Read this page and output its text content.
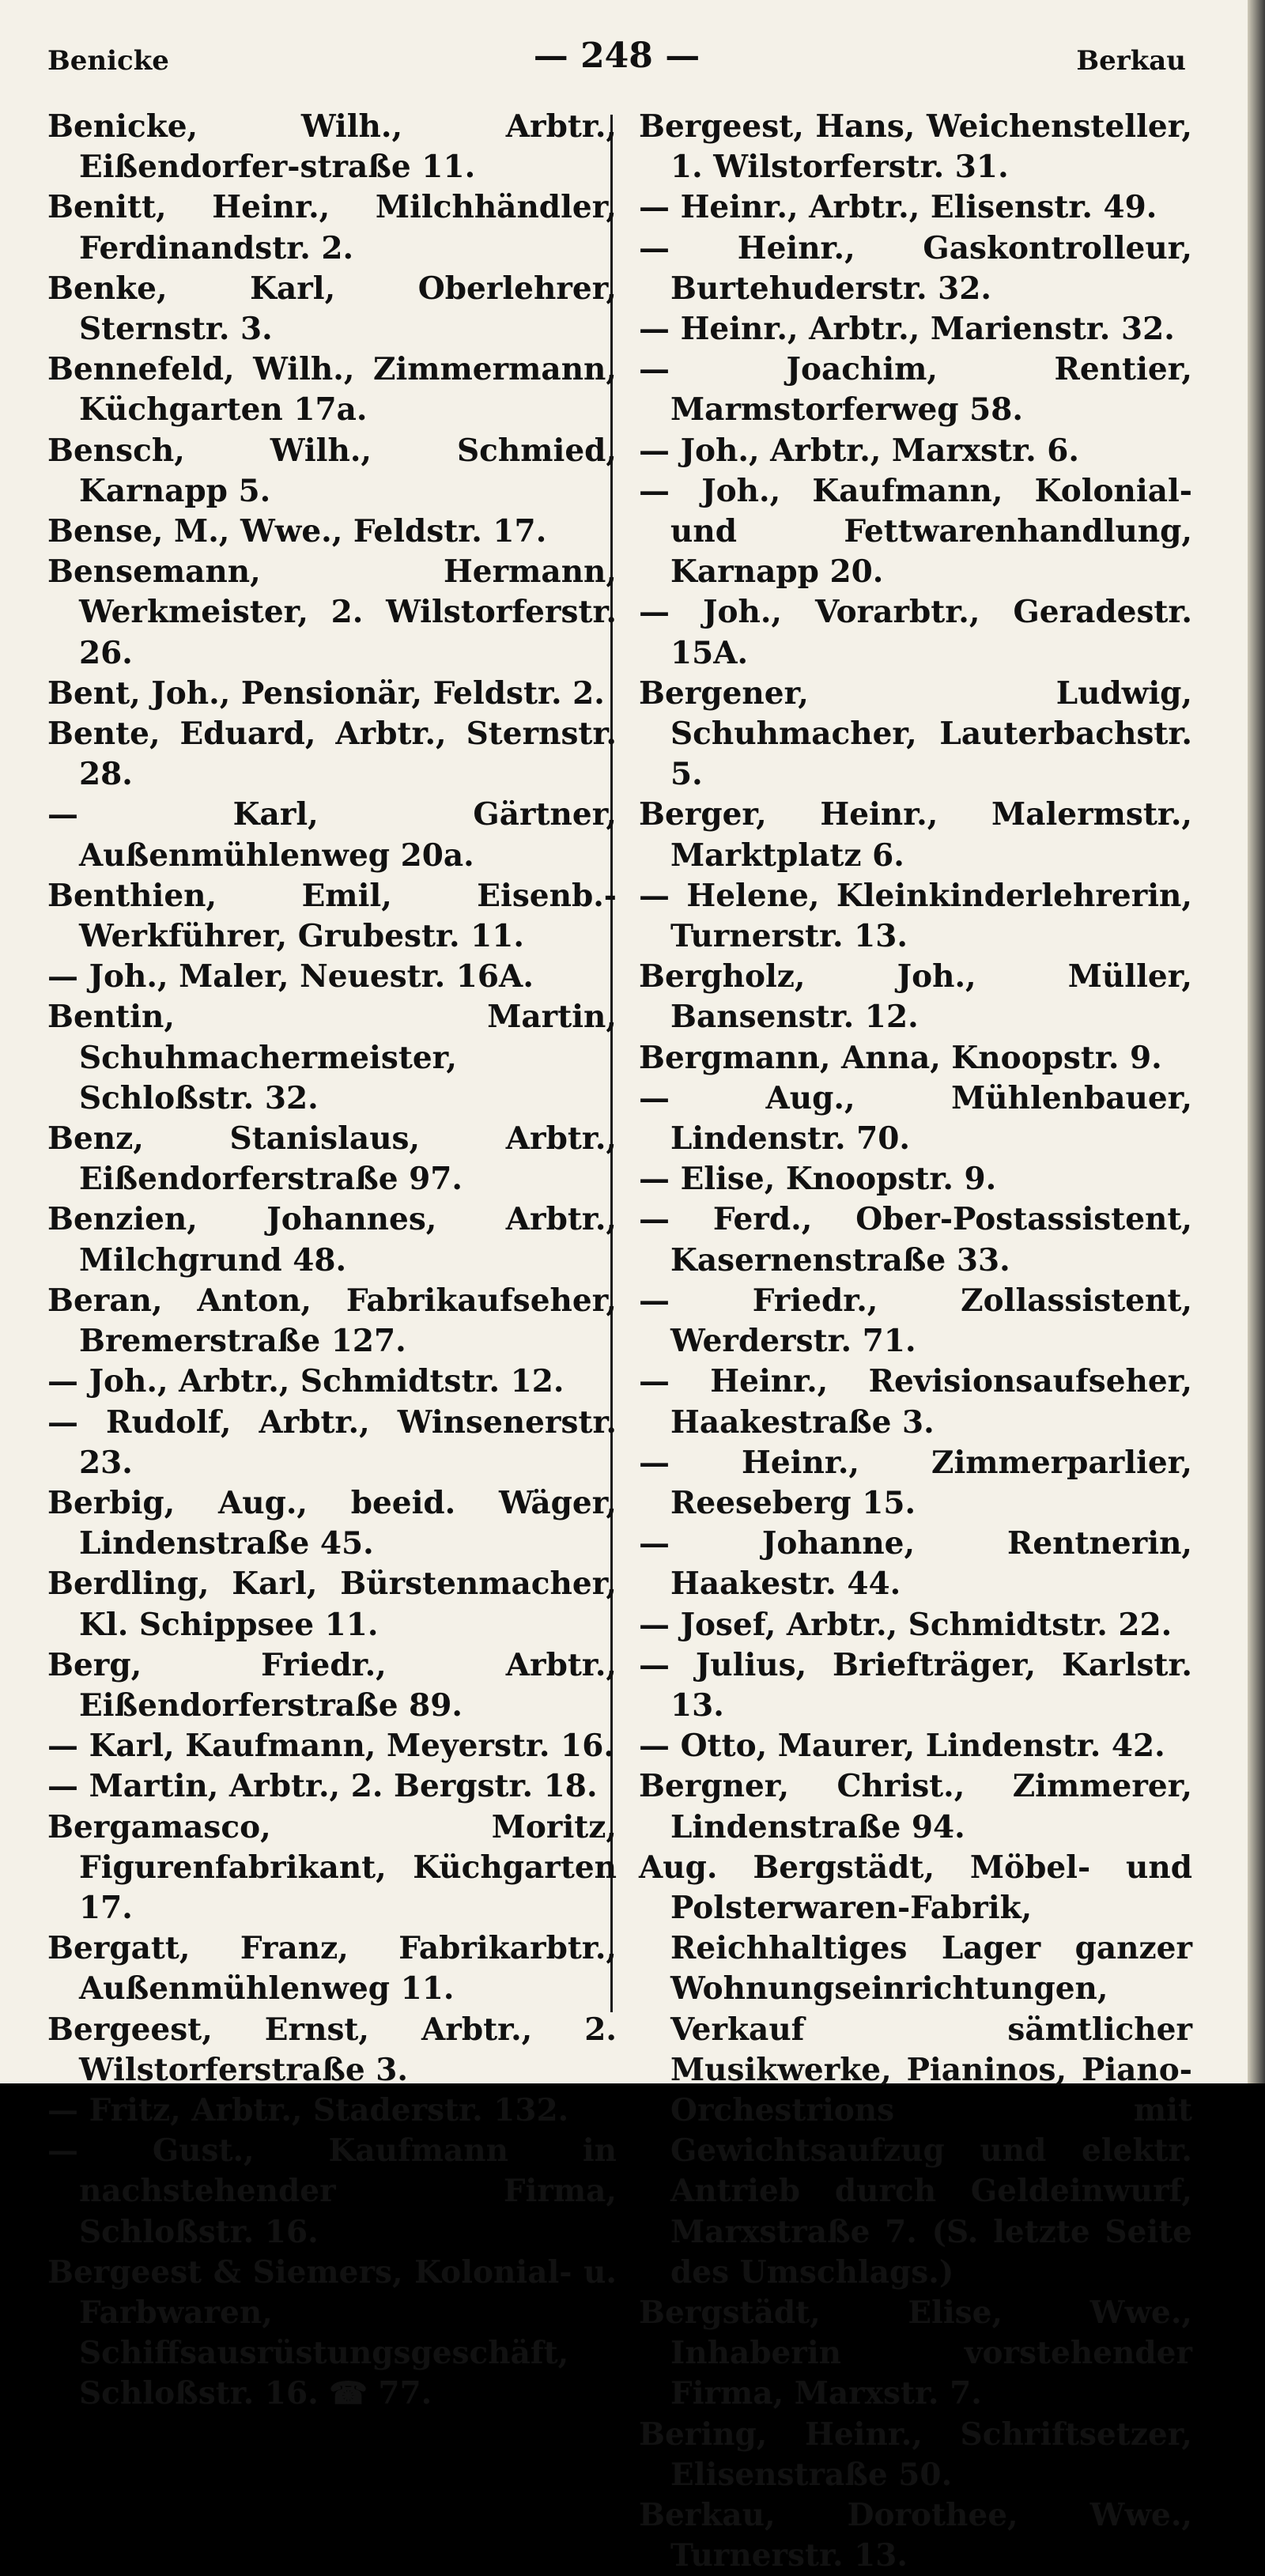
Benicke	— 248 —	Berkau
Benicke, Wilh., Arbtr., Eißendorfer-straße 11.
Benitt, Heinr., Milchhändler, Ferdinandstr. 2.
Benke, Karl, Oberlehrer, Sternstr. 3.
Bennefeld, Wilh., Zimmermann, Küchgarten 17a.
Bensch, Wilh., Schmied, Karnapp 5.
Bense, M., Wwe., Feldstr. 17.
Bensemann, Hermann, Werkmeister, 2. Wilstorferstr. 26.
Bent, Joh., Pensionär, Feldstr. 2.
Bente, Eduard, Arbtr., Sternstr. 28.
— Karl, Gärtner, Außenmühlenweg 20a.
Benthien, Emil, Eisenb.-Werkführer, Grubestr. 11.
— Joh., Maler, Neuestr. 16A.
Bentin, Martin, Schuhmachermeister, Schloßstr. 32.
Benz, Stanislaus, Arbtr., Eißendorferstraße 97.
Benzien, Johannes, Arbtr., Milchgrund 48.
Beran, Anton, Fabrikaufseher, Bremerstraße 127.
— Joh., Arbtr., Schmidtstr. 12.
— Rudolf, Arbtr., Winsenerstr. 23.
Berbig, Aug., beeid. Wäger, Lindenstraße 45.
Berdling, Karl, Bürstenmacher, Kl. Schippsee 11.
Berg, Friedr., Arbtr., Eißendorferstraße 89.
— Karl, Kaufmann, Meyerstr. 16.
— Martin, Arbtr., 2. Bergstr. 18.
Bergamasco, Moritz, Figurenfabrikant, Küchgarten 17.
Bergatt, Franz, Fabrikarbtr., Außenmühlenweg 11.
Bergeest, Ernst, Arbtr., 2. Wilstorferstraße 3.
— Fritz, Arbtr., Staderstr. 132.
— Gust., Kaufmann in nachstehender Firma, Schloßstr. 16.
Bergeest & Siemers, Kolonial- u. Farbwaren, Schiffsausrüstungsgeschäft, Schloßstr. 16. ☎ 77.
Bergeest, Hans, Weichensteller, 1. Wilstorferstr. 31.
— Heinr., Arbtr., Elisenstr. 49.
— Heinr., Gaskontrolleur, Burtehuderstr. 32.
— Heinr., Arbtr., Marienstr. 32.
— Joachim, Rentier, Marmstorferweg 58.
— Joh., Arbtr., Marxstr. 6.
— Joh., Kaufmann, Kolonial- und Fettwarenhandlung, Karnapp 20.
— Joh., Vorarbtr., Geradestr. 15A.
Bergener, Ludwig, Schuhmacher, Lauterbachstr. 5.
Berger, Heinr., Malermstr., Marktplatz 6.
— Helene, Kleinkinderlehrerin, Turnerstr. 13.
Bergholz, Joh., Müller, Bansenstr. 12.
Bergmann, Anna, Knoopstr. 9.
— Aug., Mühlenbauer, Lindenstr. 70.
— Elise, Knoopstr. 9.
— Ferd., Ober-Postassistent, Kasernenstraße 33.
— Friedr., Zollassistent, Werderstr. 71.
— Heinr., Revisionsaufseher, Haakestraße 3.
— Heinr., Zimmerparlier, Reeseberg 15.
— Johanne, Rentnerin, Haakestr. 44.
— Josef, Arbtr., Schmidtstr. 22.
— Julius, Briefträger, Karlstr. 13.
— Otto, Maurer, Lindenstr. 42.
Bergner, Christ., Zimmerer, Lindenstraße 94.
Aug. Bergstädt, Möbel- und Polsterwaren-Fabrik, Reichhaltiges Lager ganzer Wohnungseinrichtungen, Verkauf sämtlicher Musikwerke, Pianinos, Piano-Orchestrions mit Gewichtsaufzug und elektr. Antrieb durch Geldeinwurf, Marxstraße 7. (S. letzte Seite des Umschlags.)
Bergstädt, Elise, Wwe., Inhaberin vorstehender Firma, Marxstr. 7.
Bering, Heinr., Schriftsetzer, Elisenstraße 50.
Berkau, Dorothee, Wwe., Turnerstr. 13.
